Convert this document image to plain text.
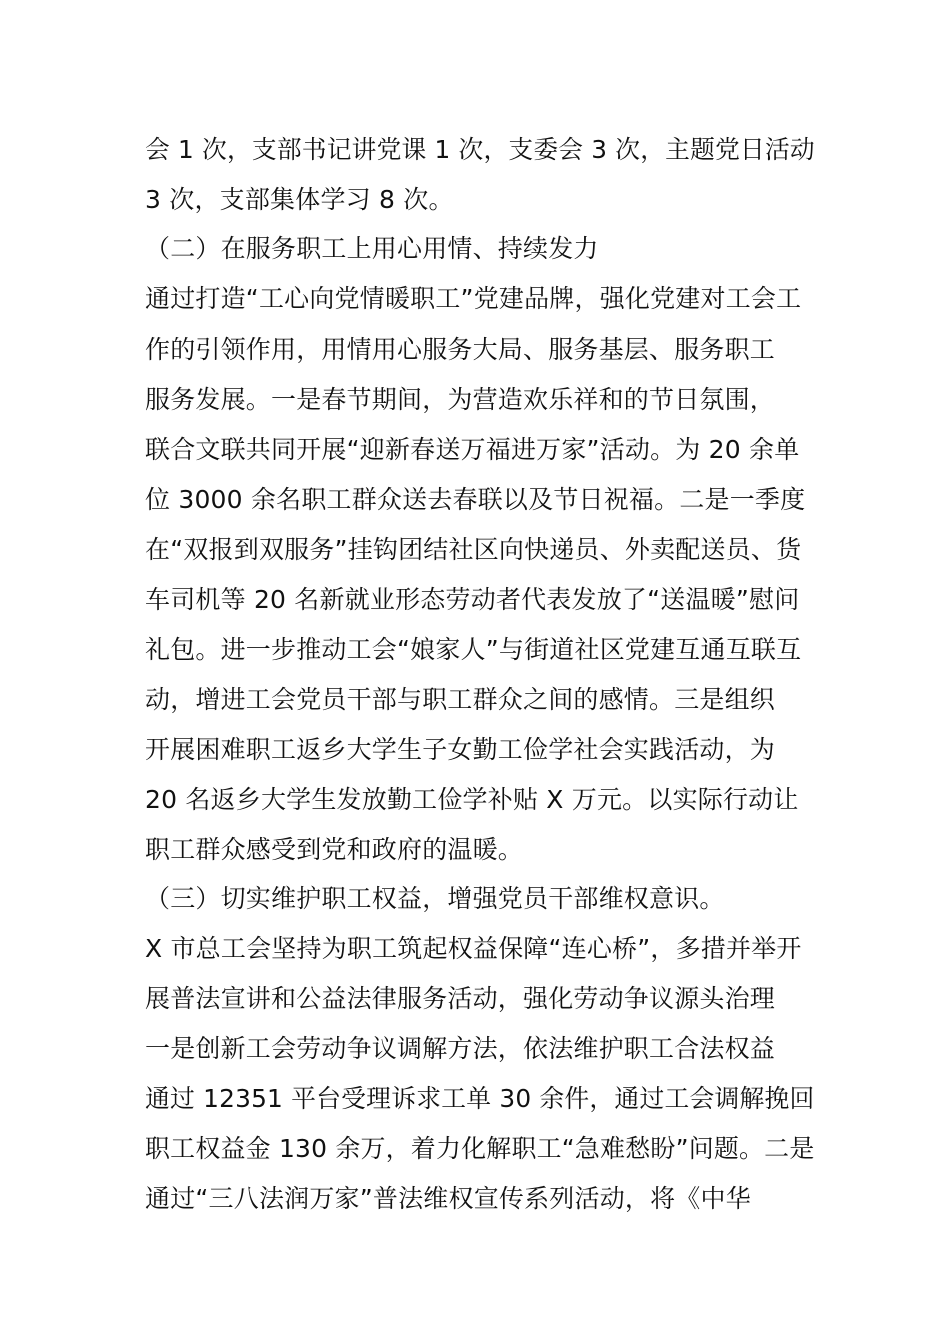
会 1 次，支部书记讲党课 1 次，支委会 3 次，主题党日活动
3 次，支部集体学习 8 次。
（二）在服务职工上用心用情、持续发力
通过打造“工心向党情暖职工”党建品牌，强化党建对工会工
作的引领作用，用情用心服务大局、服务基层、服务职工
服务发展。一是春节期间，为营造欢乐祥和的节日氛围，
联合文联共同开展“迎新春送万福进万家”活动。为 20 余单
位 3000 余名职工群众送去春联以及节日祝福。二是一季度
在“双报到双服务”挂钩团结社区向快递员、外卖配送员、货
车司机等 20 名新就业形态劳动者代表发放了“送温暖”慰问
礼包。进一步推动工会“娘家人”与街道社区党建互通互联互
动，增进工会党员干部与职工群众之间的感情。三是组织
开展困难职工返乡大学生子女勤工俭学社会实践活动，为
20 名返乡大学生发放勤工俭学补贴 X 万元。以实际行动让
职工群众感受到党和政府的温暖。
（三）切实维护职工权益，增强党员干部维权意识。
X 市总工会坚持为职工筑起权益保障“连心桥”，多措并举开
展普法宣讲和公益法律服务活动，强化劳动争议源头治理
一是创新工会劳动争议调解方法，依法维护职工合法权益
通过 12351 平台受理诉求工单 30 余件，通过工会调解挽回
职工权益金 130 余万，着力化解职工“急难愁盼”问题。二是
通过“三八法润万家”普法维权宣传系列活动，将《中华
